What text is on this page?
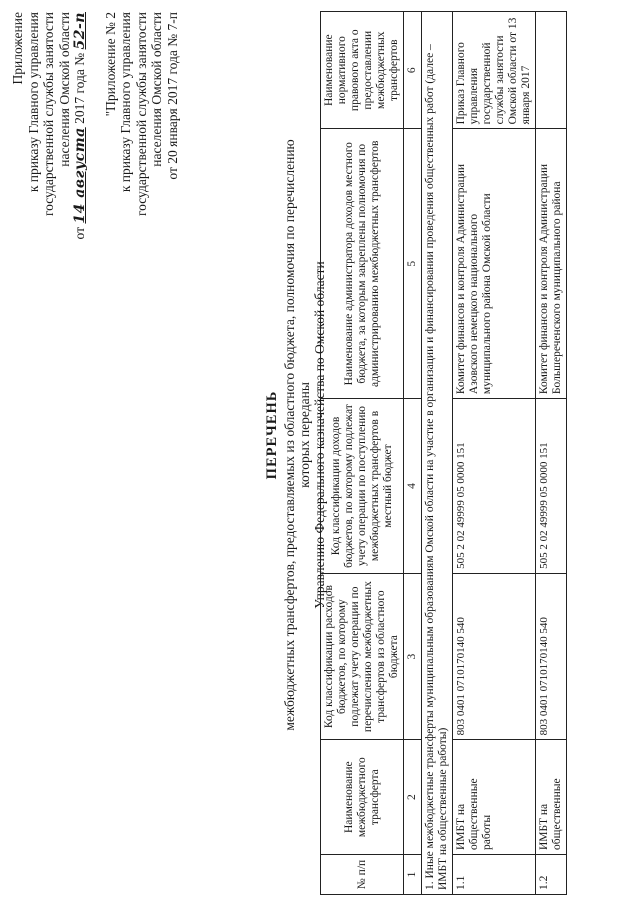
Приложение к приказу Главного управления государственной службы занятости населения Омской области
от 14 августа 2017 года № 52-п "Приложение № 2 к приказу Главного управления государственной службы занятости населения Омской области от 20 января 2017 года № 7-п
ПЕРЕЧЕНЬ межбюджетных трансфертов, предоставляемых из областного бюджета, полномочия по перечислению которых переданы Управлению Федерального казначейства по Омской области
№ п/п	Наименование межбюджетного трансферта	Код классификации расходов бюджетов, по которому подлежат учету операции по перечислению межбюджетных трансфертов из областного бюджета	Код классификации доходов бюджетов, по которому подлежат учету операции по поступлению межбюджетных трансфертов в местный бюджет	Наименование администратора доходов местного бюджета, за которым закреплены полномочия по администрированию межбюджетных трансфертов	Наименование нормативного правового акта о предоставлении межбюджетных трансфертов
1	2	3	4	5	6
1. Иные межбюджетные трансферты муниципальным образованиям Омской области на участие в организации и финансировании проведения общественных работ (далее – ИМБТ на общественные работы)					
1.1	ИМБТ на общественные работы	803 0401 0710170140 540	505 2 02 49999 05 0000 151	Комитет финансов и контроля Администрации Азовского немецкого национального муниципального района Омской области	Приказ Главного управления государственной службы занятости Омской области от 13 января 2017
1.2	ИМБТ на общественные	803 0401 0710170140 540	505 2 02 49999 05 0000 151	Комитет финансов и контроля Администрации Большереченского муниципального района	
